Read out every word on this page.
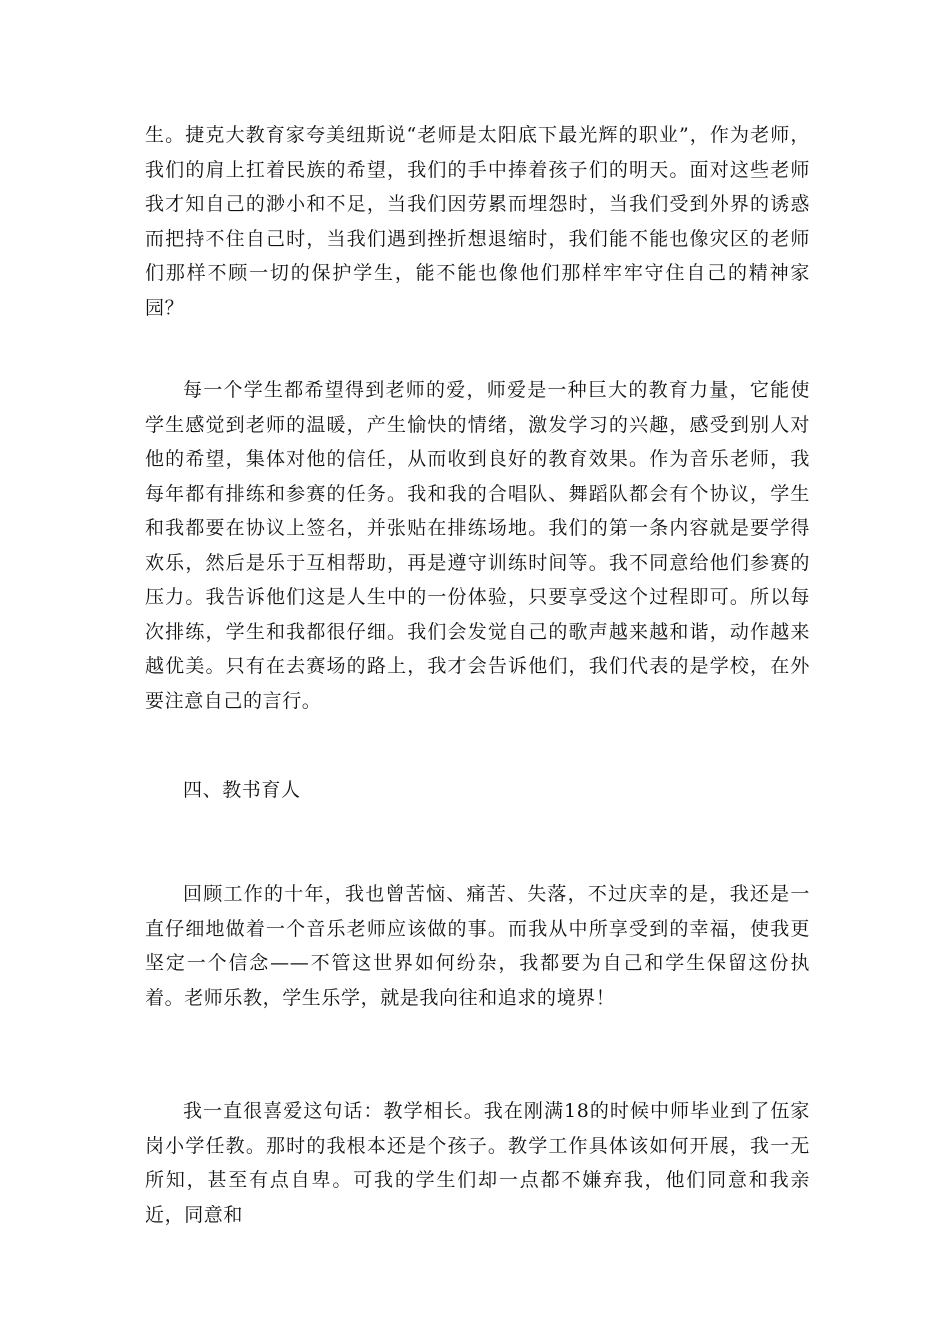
生。捷克大教育家夸美纽斯说“老师是太阳底下最光辉的职业”，作为老师，我们的肩上扛着民族的希望，我们的手中捧着孩子们的明天。面对这些老师我才知自己的渺小和不足，当我们因劳累而埋怨时，当我们受到外界的诱惑而把持不住自己时，当我们遇到挫折想退缩时，我们能不能也像灾区的老师们那样不顾一切的保护学生，能不能也像他们那样牢牢守住自己的精神家园？

每一个学生都希望得到老师的爱，师爱是一种巨大的教育力量，它能使学生感觉到老师的温暖，产生愉快的情绪，激发学习的兴趣，感受到别人对他的希望，集体对他的信任，从而收到良好的教育效果。作为音乐老师，我每年都有排练和参赛的任务。我和我的合唱队、舞蹈队都会有个协议，学生和我都要在协议上签名，并张贴在排练场地。我们的第一条内容就是要学得欢乐，然后是乐于互相帮助，再是遵守训练时间等。我不同意给他们参赛的压力。我告诉他们这是人生中的一份体验，只要享受这个过程即可。所以每次排练，学生和我都很仔细。我们会发觉自己的歌声越来越和谐，动作越来越优美。只有在去赛场的路上，我才会告诉他们，我们代表的是学校，在外要注意自己的言行。

四、教书育人

回顾工作的十年，我也曾苦恼、痛苦、失落，不过庆幸的是，我还是一直仔细地做着一个音乐老师应该做的事。而我从中所享受到的幸福，使我更坚定一个信念——不管这世界如何纷杂，我都要为自己和学生保留这份执着。老师乐教，学生乐学，就是我向往和追求的境界！

我一直很喜爱这句话：教学相长。我在刚满18的时候中师毕业到了伍家岗小学任教。那时的我根本还是个孩子。教学工作具体该如何开展，我一无所知，甚至有点自卑。可我的学生们却一点都不嫌弃我，他们同意和我亲近，同意和
